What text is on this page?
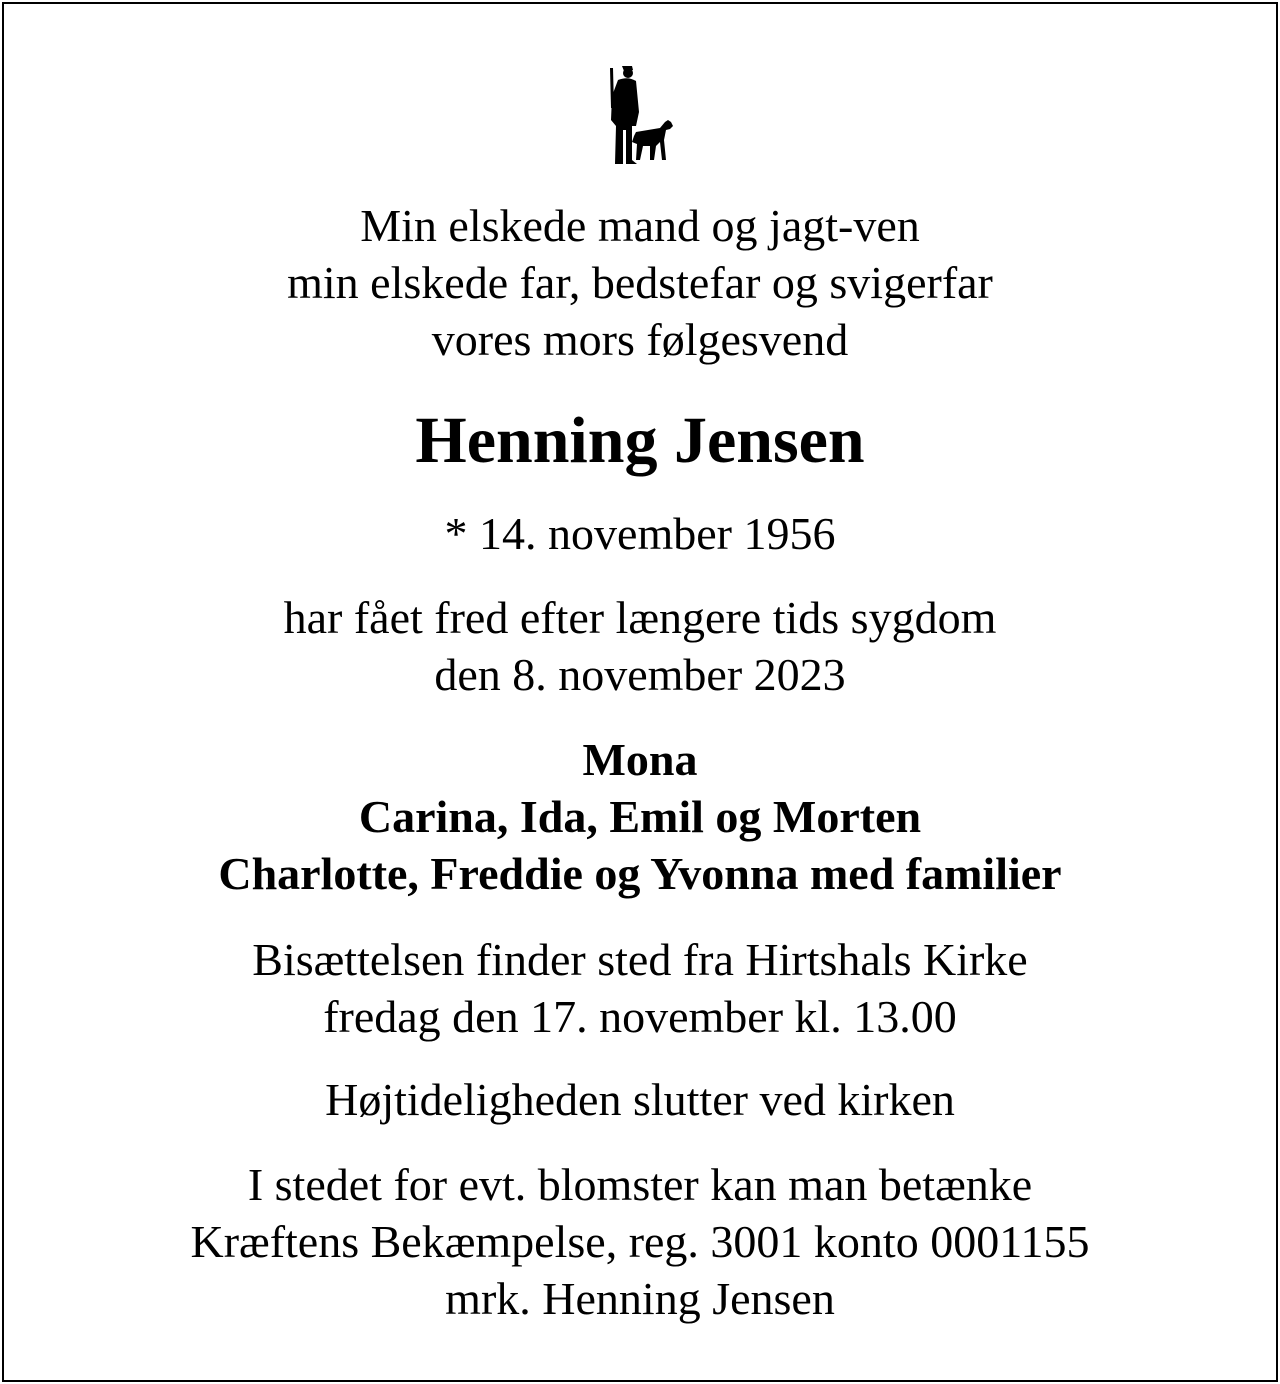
Min elskede mand og jagt-ven
min elskede far, bedstefar og svigerfar
vores mors følgesvend
Henning Jensen
* 14. november 1956
har fået fred efter længere tids sygdom
den 8. november 2023
Mona
Carina, Ida, Emil og Morten
Charlotte, Freddie og Yvonna med familier
Bisættelsen finder sted fra Hirtshals Kirke
fredag den 17. november kl. 13.00
Højtideligheden slutter ved kirken
I stedet for evt. blomster kan man betænke
Kræftens Bekæmpelse, reg. 3001 konto 0001155
mrk. Henning Jensen
